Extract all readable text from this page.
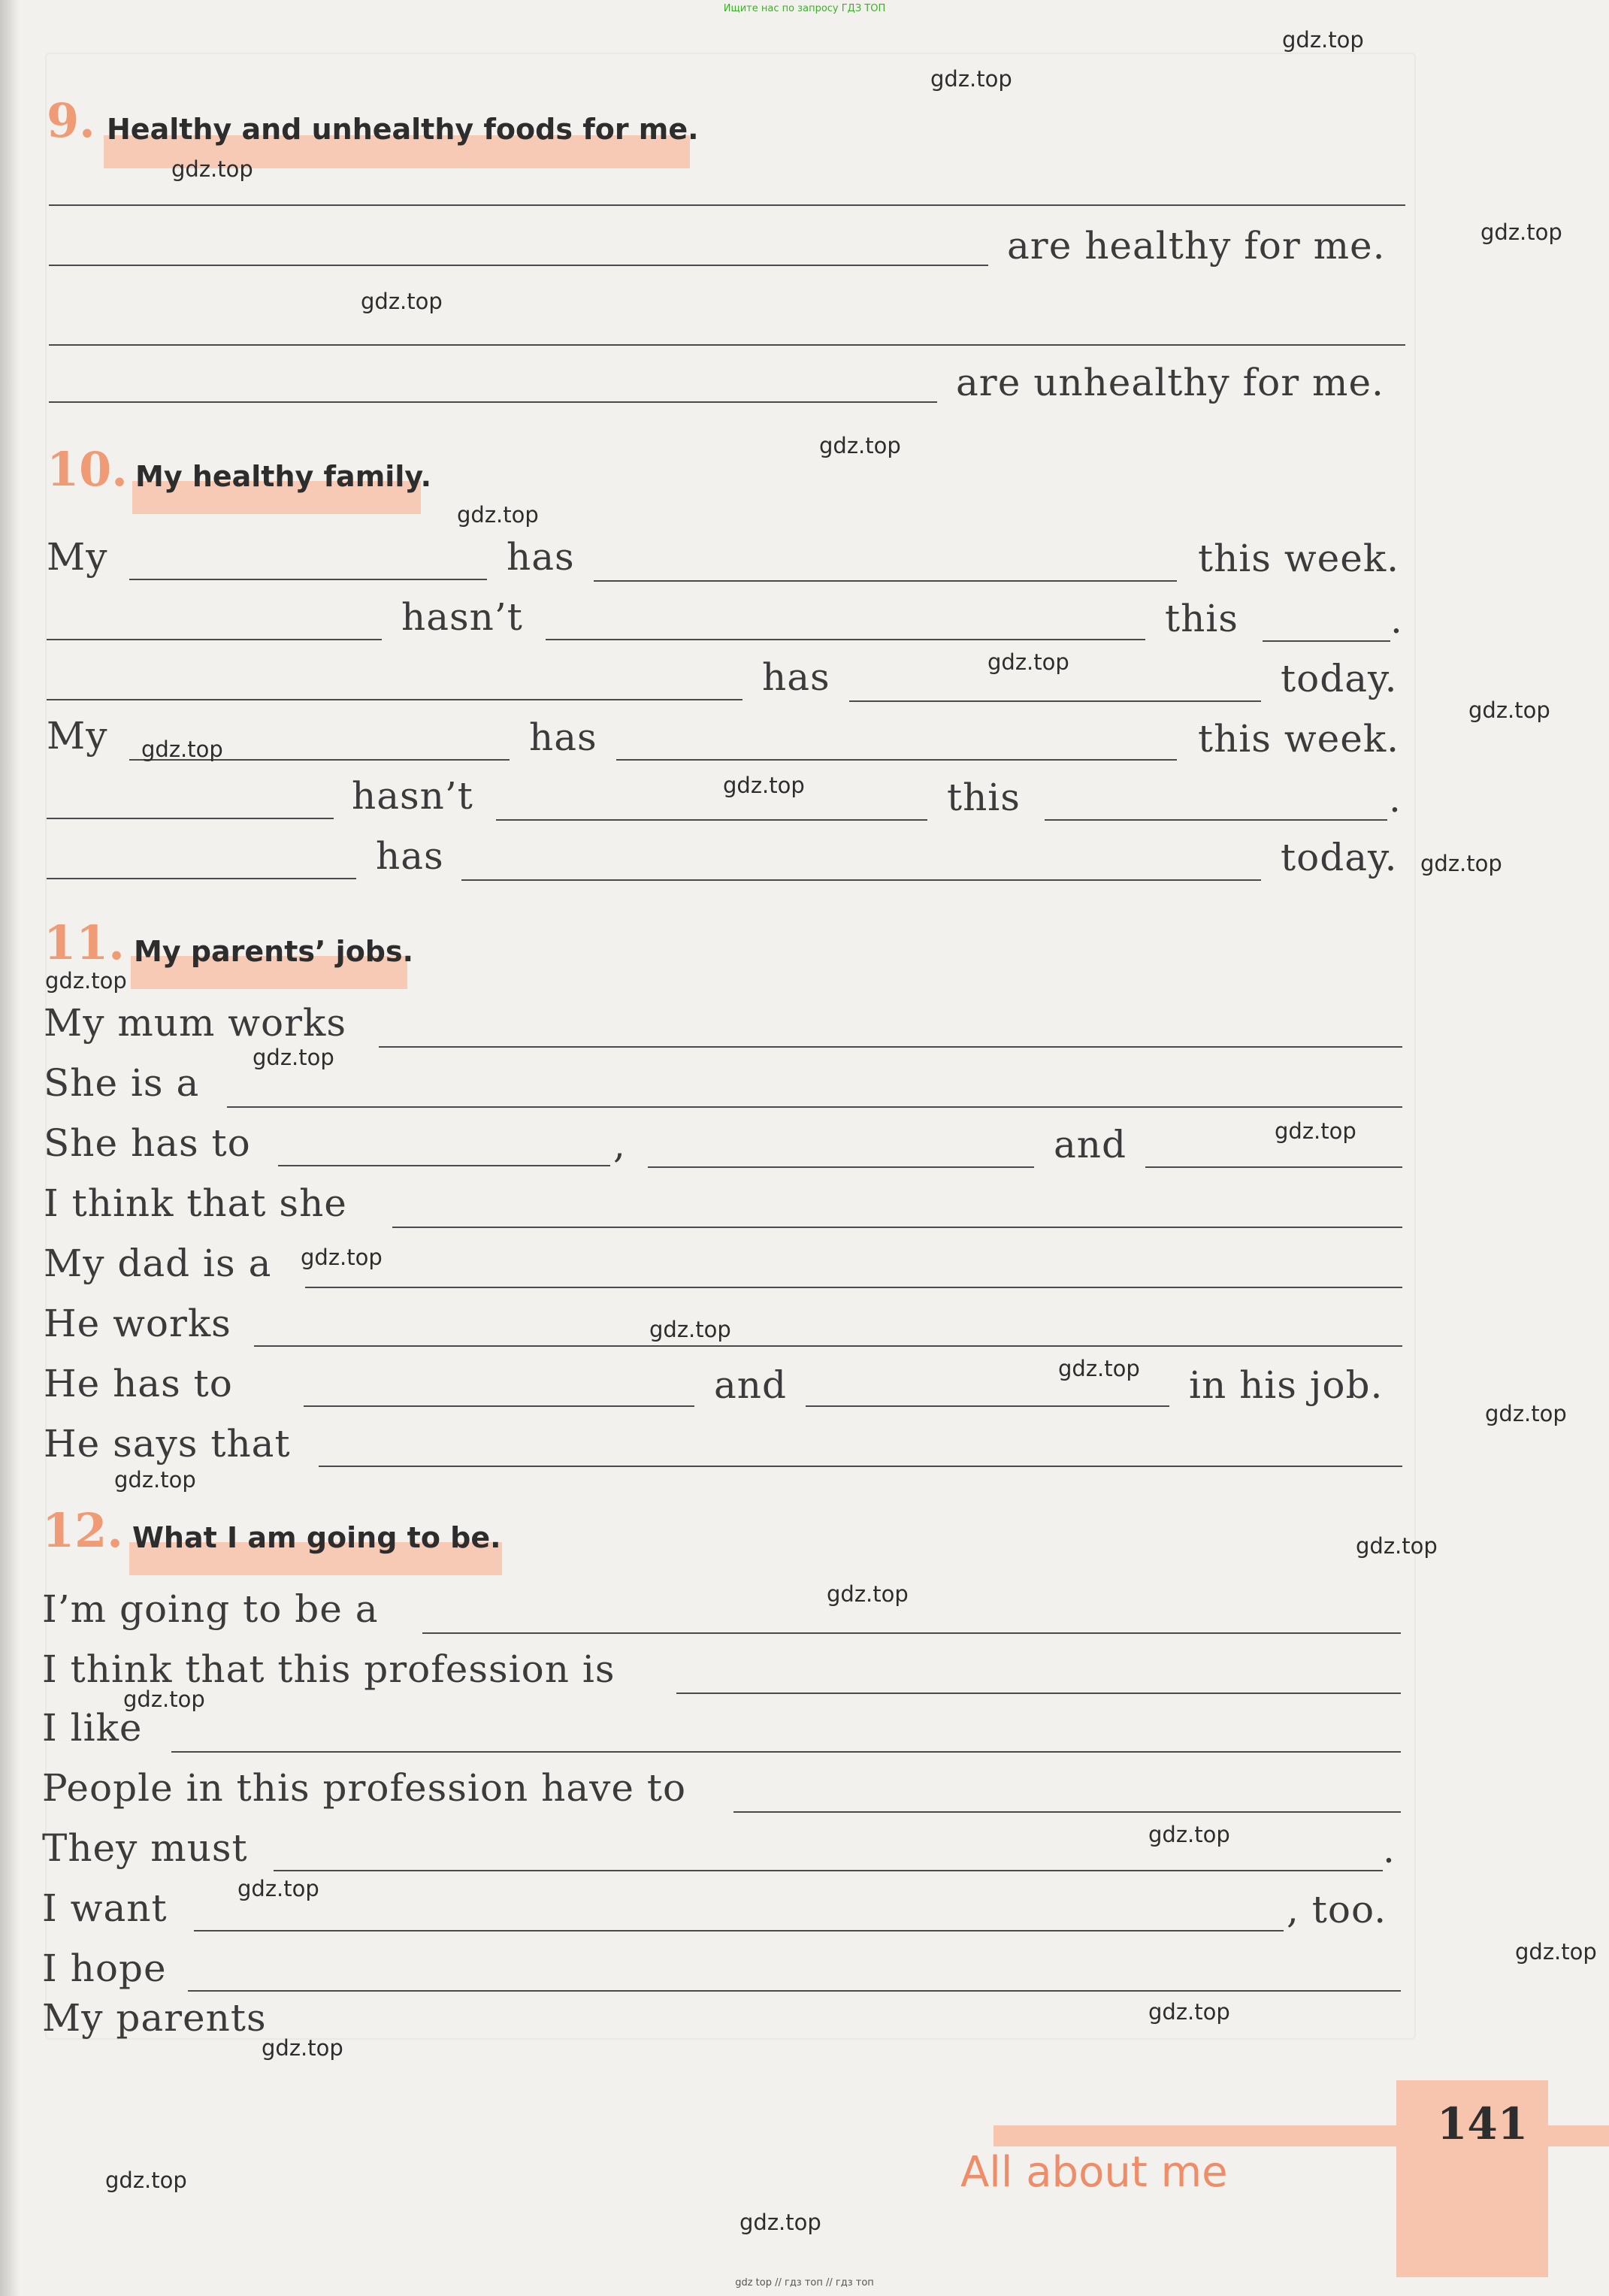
Ищите нас по запросу ГДЗ ТОП
9. Healthy and unhealthy foods for me.
are healthy for me.
are unhealthy for me.
10. My healthy family.
My	has	this week.
hasn’t	this	.
has	today.
My	has	this week.
hasn’t	this	.
has	today.
11. My parents’ jobs.
My mum works
She is a
She has to	,	and
I think that she
My dad is a
He works
He has to	and	in his job.
He says that
12. What I am going to be.
I’m going to be a
I think that this profession is
I like
People in this profession have to
They must	.
I want	, too.
I hope
My parents
141
All about me
gdz top // гдз топ // гдз топ
gdz.top
gdz.top
gdz.top
gdz.top
gdz.top
gdz.top
gdz.top
gdz.top
gdz.top
gdz.top
gdz.top
gdz.top
gdz.top
gdz.top
gdz.top
gdz.top
gdz.top
gdz.top
gdz.top
gdz.top
gdz.top
gdz.top
gdz.top
gdz.top
gdz.top
gdz.top
gdz.top
gdz.top
gdz.top
gdz.top
